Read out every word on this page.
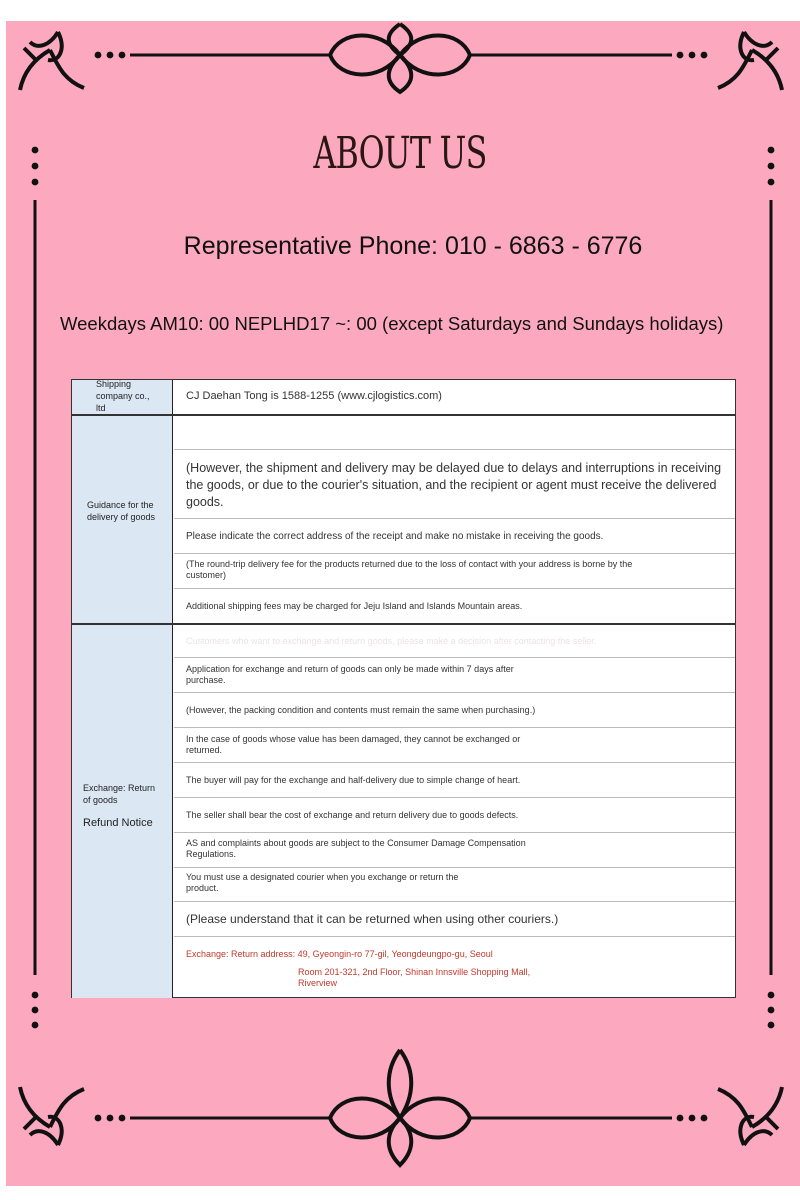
ABOUT US
Representative Phone: 010 - 6863 - 6776
Weekdays AM10: 00 NEPLHD17 ~: 00 (except Saturdays and Sundays holidays)
Shipping company co., ltd
Guidance for the delivery of goods
Exchange: Return of goods
Refund Notice
CJ Daehan Tong is 1588-1255 (www.cjlogistics.com)
(However, the shipment and delivery may be delayed due to delays and interruptions in receiving the goods, or due to the courier's situation, and the recipient or agent must receive the delivered goods.
Please indicate the correct address of the receipt and make no mistake in receiving the goods.
(The round-trip delivery fee for the products returned due to the loss of contact with your address is borne by the customer)
Additional shipping fees may be charged for Jeju Island and Islands Mountain areas.
Customers who want to exchange and return goods, please make a decision after contacting the seller.
Application for exchange and return of goods can only be made within 7 days after purchase.
(However, the packing condition and contents must remain the same when purchasing.)
In the case of goods whose value has been damaged, they cannot be exchanged or returned.
The buyer will pay for the exchange and half-delivery due to simple change of heart.
The seller shall bear the cost of exchange and return delivery due to goods defects.
AS and complaints about goods are subject to the Consumer Damage Compensation Regulations.
You must use a designated courier when you exchange or return the product.
(Please understand that it can be returned when using other couriers.)
Exchange: Return address: 49, Gyeongin-ro 77-gil, Yeongdeungpo-gu, Seoul
Room 201-321, 2nd Floor, Shinan Innsville Shopping Mall,
Riverview
